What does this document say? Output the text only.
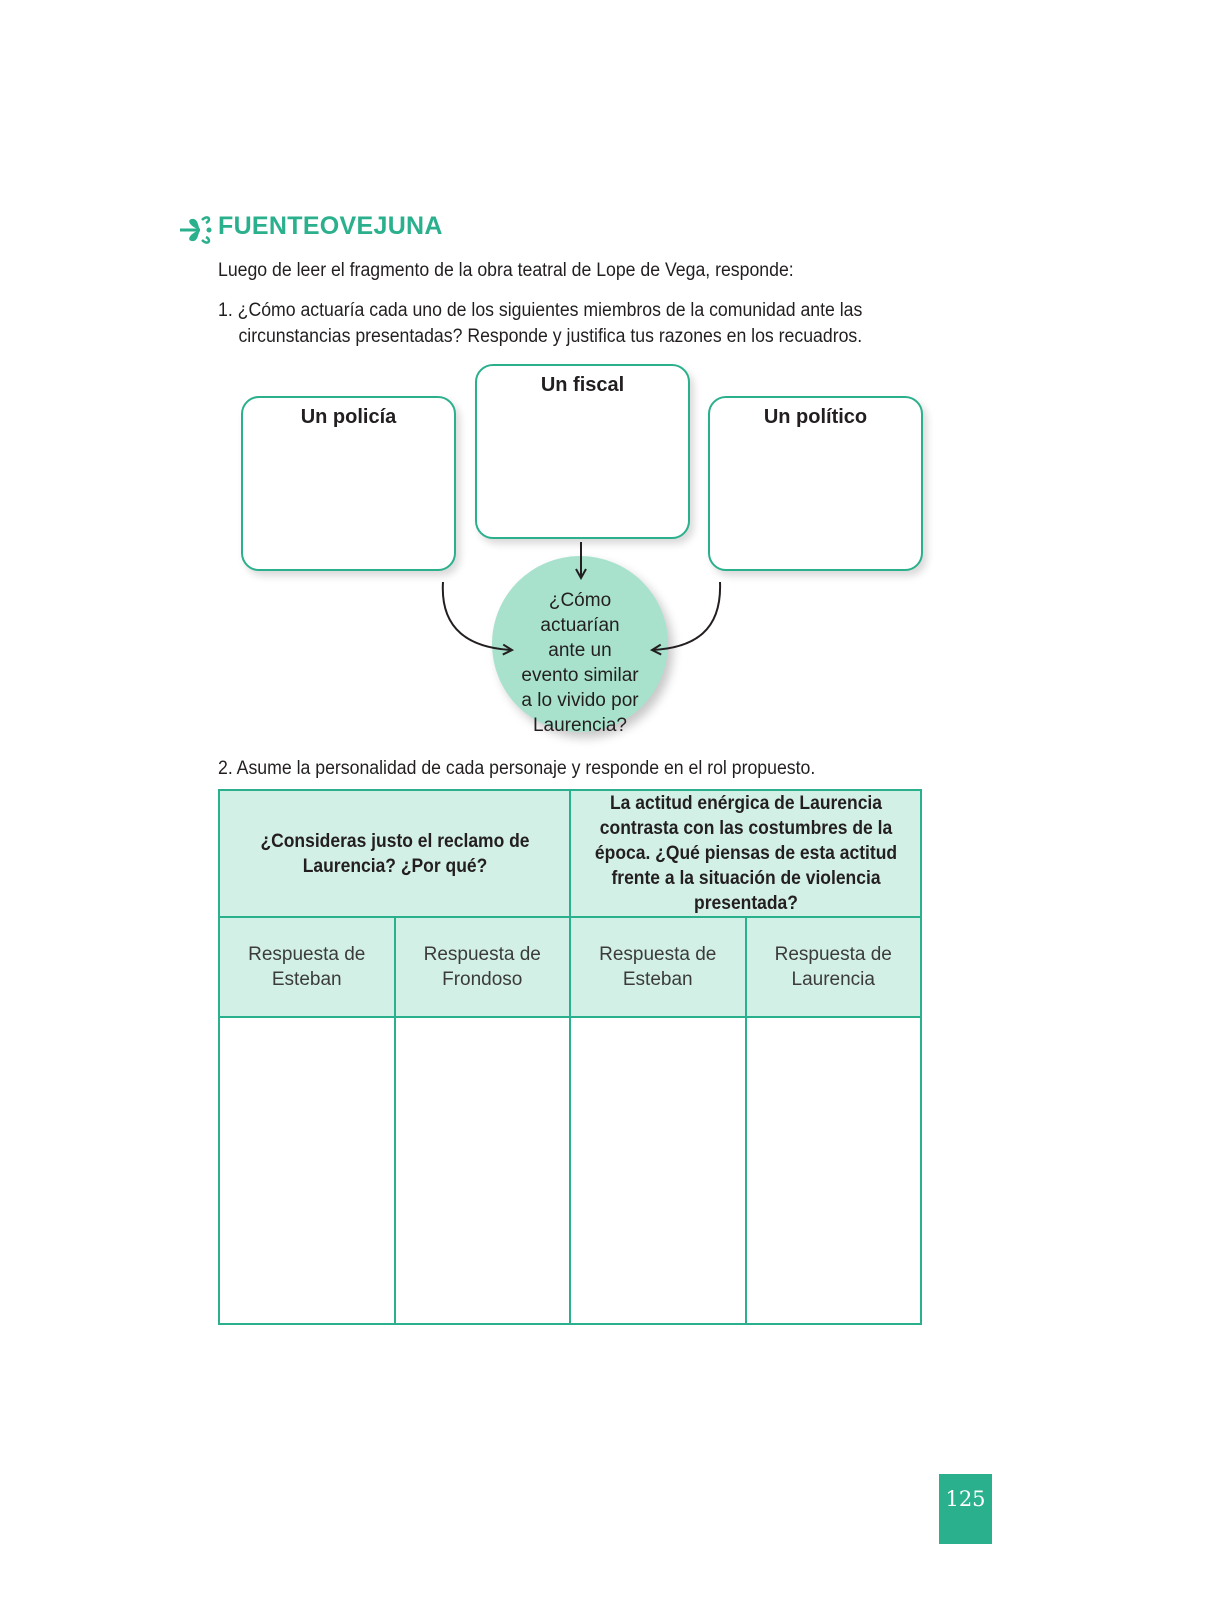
FUENTEOVEJUNA

Luego de leer el fragmento de la obra teatral de Lope de Vega, responde:

1. ¿Cómo actuaría cada uno de los siguientes miembros de la comunidad ante las circunstancias presentadas? Responde y justifica tus razones en los recuadros.

Un policía
Un fiscal
Un político

¿Cómo actuarían ante un evento similar a lo vivido por Laurencia?

2. Asume la personalidad de cada personaje y responde en el rol propuesto.

¿Consideras justo el reclamo de Laurencia? ¿Por qué?		La actitud enérgica de Laurencia contrasta con las costumbres de la época. ¿Qué piensas de esta actitud frente a la situación de violencia presentada?	
Respuesta de Esteban	Respuesta de Frondoso	Respuesta de Esteban	Respuesta de Laurencia

125
